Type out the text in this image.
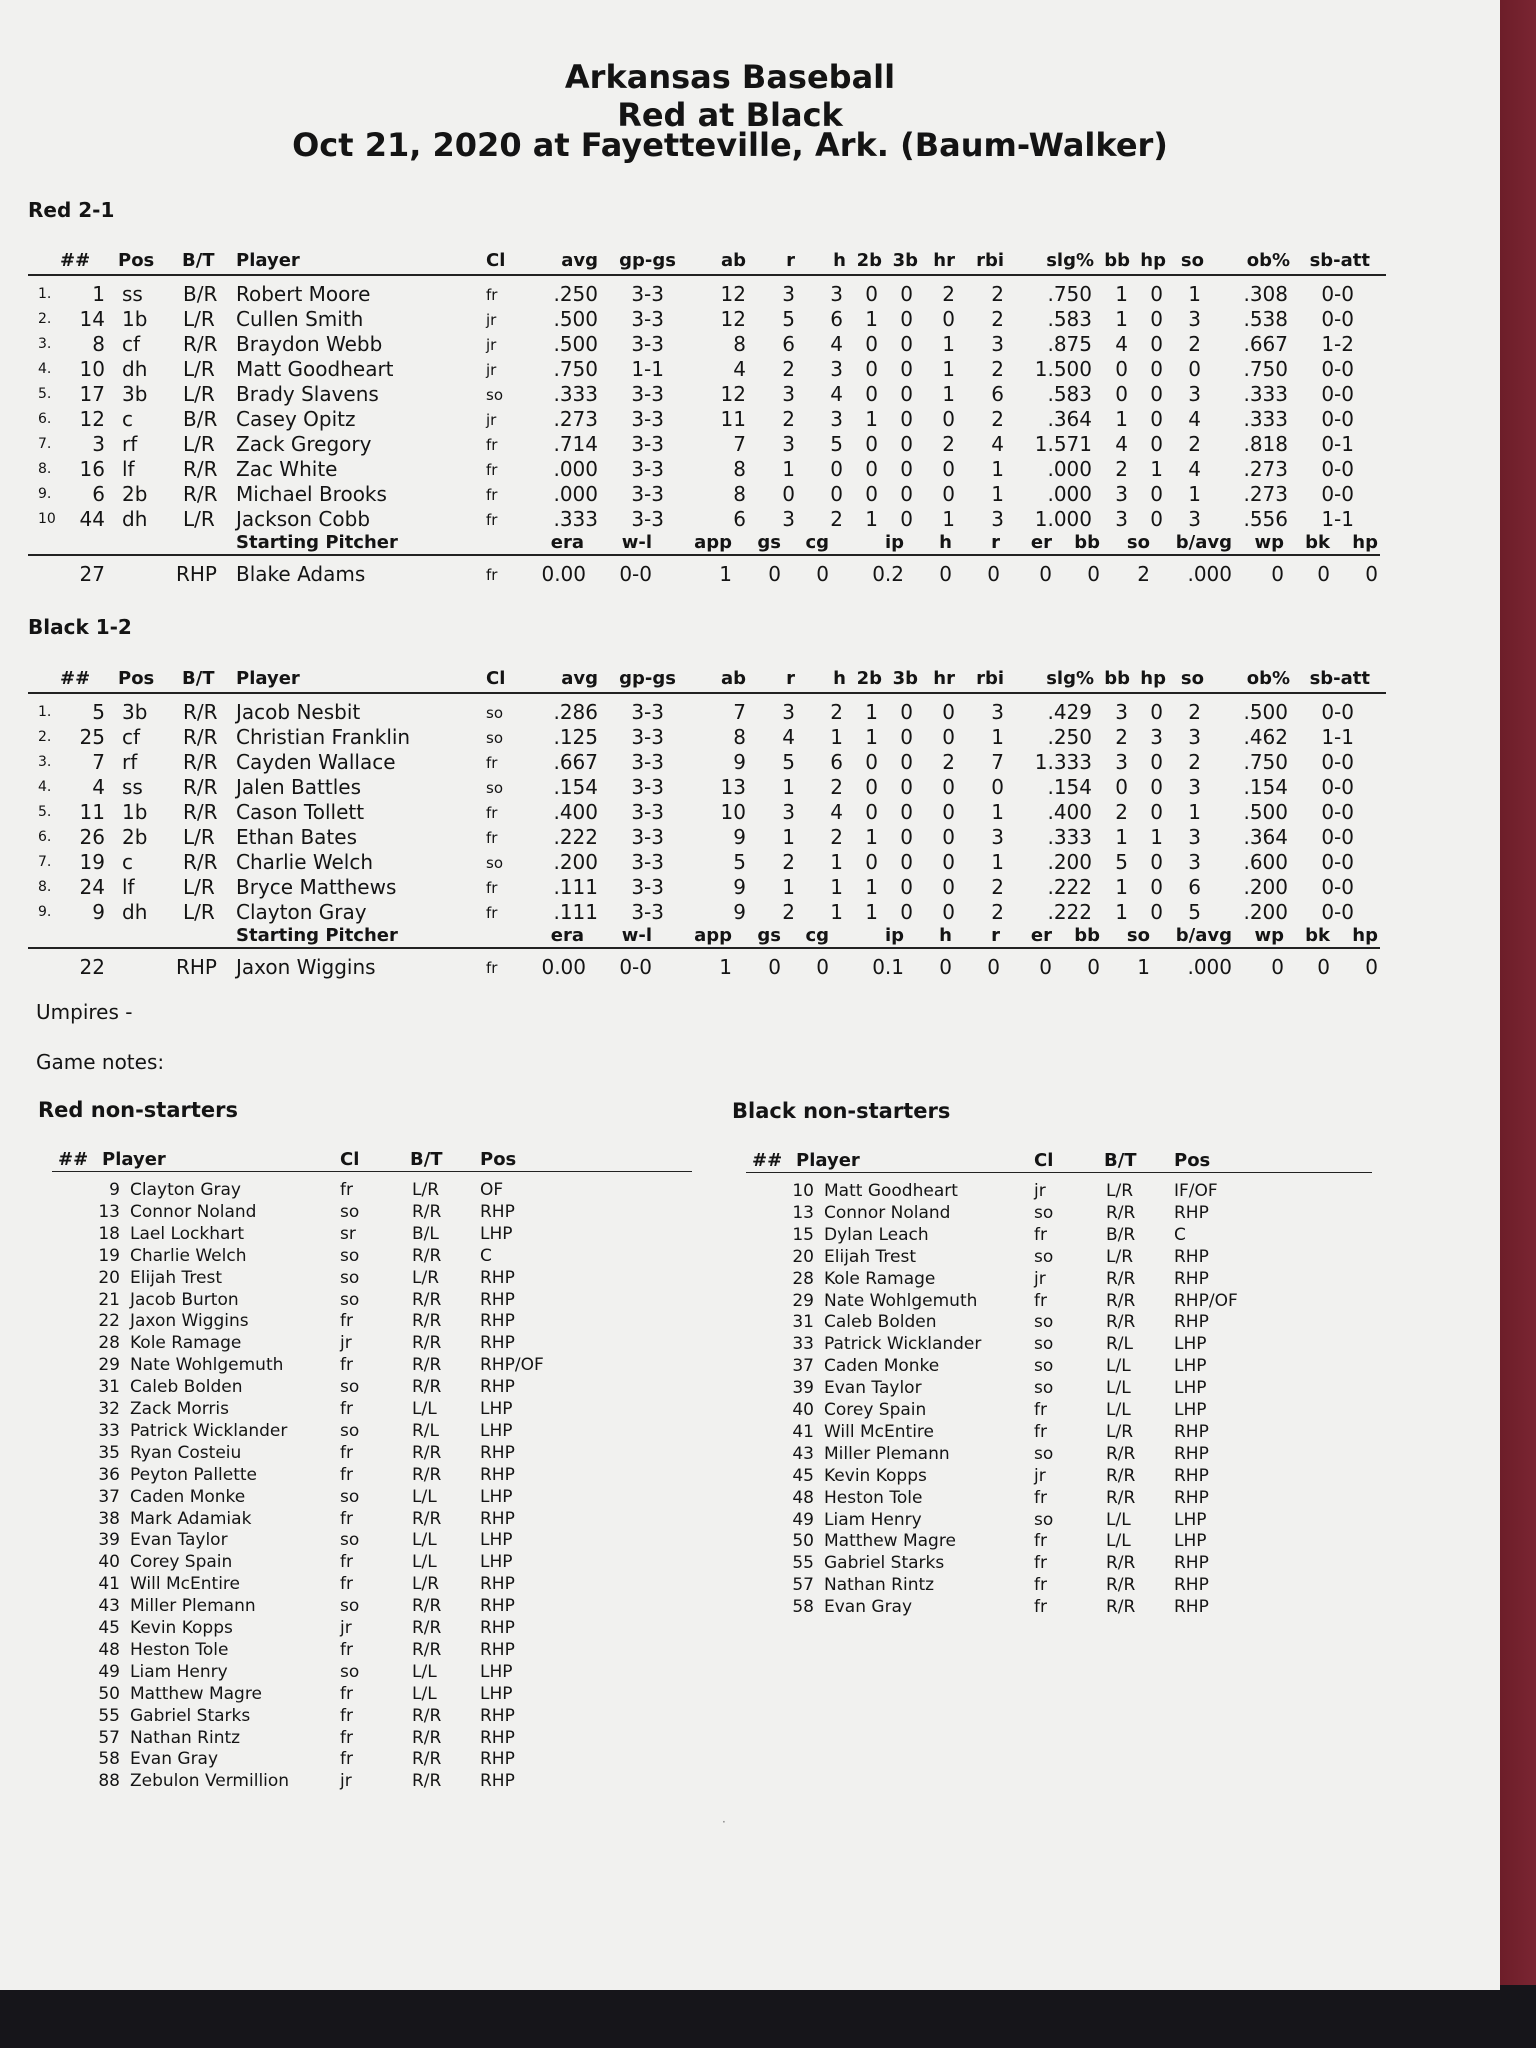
Arkansas Baseball
Red at Black
Oct 21, 2020 at Fayetteville, Ark. (Baum-Walker)
Red 2-1
Black 1-2
## Pos B/T Player	Cl	avg gp-gs ab r h 2b 3b hr rbi slg% bb hp so ob% sb-att
1. 1 ss B/R Robert Moore	fr	.250 3-3	12 3 3 0 0 2 2 .750 1 0 1 .308 0-0
2. 14 1b L/R Cullen Smith	jr	.500 3-3	12 5 6 1 0 0 2 .583 1 0 3 .538 0-0
3. 8 cf R/R Braydon Webb	jr	.500 3-3	8 6 4 0 0 1 3 .875 4 0 2 .667 1-2
4. 10 dh L/R Matt Goodheart	jr	.750 1-1	4 2 3 0 0 1 2 1.500 0 0 0 .750 0-0
5. 17 3b L/R Brady Slavens	so	.333 3-3	12 3 4 0 0 1 6 .583 0 0 3 .333 0-0
6. 12 c	B/R Casey Opitz	jr	.273 3-3	11 2 3 1 0 0 2 .364 1 0 4 .333 0-0
7. 3 rf L/R Zack Gregory	fr	.714 3-3	7 3 5 0 0 2 4 1.571 4 0 2 .818 0-1
8. 16 lf R/R Zac White	fr	.000 3-3	8 1 0 0 0 0 1 .000 2 1 4 .273 0-0
9. 6 2b R/R Michael Brooks	fr	.000 3-3	8 0 0 0 0 0 1 .000 3 0 1 .273 0-0
10 44 dh L/R Jackson Cobb	fr	.333 3-3	6 3 2 1 0 1 3 1.000 3 0 3 .556 1-1
Starting Pitcher	era w-l app gs cg	ip h r er bb so b/avg wp bk hp
27	RHP Blake Adams	fr 0.00 0-0	1 0 0 0.2 0 0 0 0 2 .000 0 0 0
## Pos B/T Player	Cl	avg gp-gs ab r h 2b 3b hr rbi slg% bb hp so ob% sb-att
1. 5 3b R/R Jacob Nesbit	so	.286 3-3	7 3 2 1 0 0 3 .429 3 0 2 .500 0-0
2. 25 cf R/R Christian Franklin	so	.125 3-3	8 4 1 1 0 0 1 .250 2 3 3 .462 1-1
3. 7 rf R/R Cayden Wallace	fr	.667 3-3	9 5 6 0 0 2 7 1.333 3 0 2 .750 0-0
4. 4 ss R/R Jalen Battles	so	.154 3-3	13 1 2 0 0 0 0 .154 0 0 3 .154 0-0
5. 11 1b R/R Cason Tollett	fr	.400 3-3	10 3 4 0 0 0 1 .400 2 0 1 .500 0-0
6. 26 2b L/R Ethan Bates	fr	.222 3-3	9 1 2 1 0 0 3 .333 1 1 3 .364 0-0
7. 19 c	R/R Charlie Welch	so	.200 3-3	5 2 1 0 0 0 1 .200 5 0 3 .600 0-0
8. 24 lf L/R Bryce Matthews	fr	.111 3-3	9 1 1 1 0 0 2 .222 1 0 6 .200 0-0
9. 9 dh L/R Clayton Gray	fr	.111 3-3	9 2 1 1 0 0 2 .222 1 0 5 .200 0-0
Starting Pitcher	era w-l app gs cg	ip h r er bb so b/avg wp bk hp
22	RHP Jaxon Wiggins	fr 0.00 0-0	1 0 0 0.1 0 0 0 0 1 .000 0 0 0
Umpires -
Game notes:
Red non-starters	Black non-starters
## Player	Cl	B/T Pos
9 Clayton Gray	fr	L/R OF
13 Connor Noland	so	R/R RHP
18 Lael Lockhart	sr	B/L LHP
19 Charlie Welch	so	R/R C
20 Elijah Trest	so	L/R RHP
21 Jacob Burton	so	R/R RHP
22 Jaxon Wiggins	fr	R/R RHP
28 Kole Ramage	jr	R/R RHP
29 Nate Wohlgemuth	fr	R/R RHP/OF
31 Caleb Bolden	so	R/R RHP
32 Zack Morris	fr	L/L	LHP
33 Patrick Wicklander	so	R/L LHP
35 Ryan Costeiu	fr	R/R RHP
36 Peyton Pallette	fr	R/R RHP
37 Caden Monke	so	L/L	LHP
38 Mark Adamiak	fr	R/R RHP
39 Evan Taylor	so	L/L	LHP
40 Corey Spain	fr	L/L	LHP
41 Will McEntire	fr	L/R RHP
43 Miller Plemann	so	R/R RHP
45 Kevin Kopps	jr	R/R RHP
48 Heston Tole	fr	R/R RHP
49 Liam Henry	so	L/L	LHP
50 Matthew Magre	fr	L/L	LHP
55 Gabriel Starks	fr	R/R RHP
57 Nathan Rintz	fr	R/R RHP
58 Evan Gray	fr	R/R RHP
88 Zebulon Vermillion	jr	R/R RHP
## Player	Cl	B/T Pos
10 Matt Goodheart	jr	L/R IF/OF
13 Connor Noland	so	R/R RHP
15 Dylan Leach	fr	B/R C
20 Elijah Trest	so	L/R RHP
28 Kole Ramage	jr	R/R RHP
29 Nate Wohlgemuth	fr	R/R RHP/OF
31 Caleb Bolden	so	R/R RHP
33 Patrick Wicklander	so	R/L LHP
37 Caden Monke	so	L/L	LHP
39 Evan Taylor	so	L/L	LHP
40 Corey Spain	fr	L/L	LHP
41 Will McEntire	fr	L/R RHP
43 Miller Plemann	so	R/R RHP
45 Kevin Kopps	jr	R/R RHP
48 Heston Tole	fr	R/R RHP
49 Liam Henry	so	L/L	LHP
50 Matthew Magre	fr	L/L	LHP
55 Gabriel Starks	fr	R/R RHP
57 Nathan Rintz	fr	R/R RHP
58 Evan Gray	fr	R/R RHP
·
